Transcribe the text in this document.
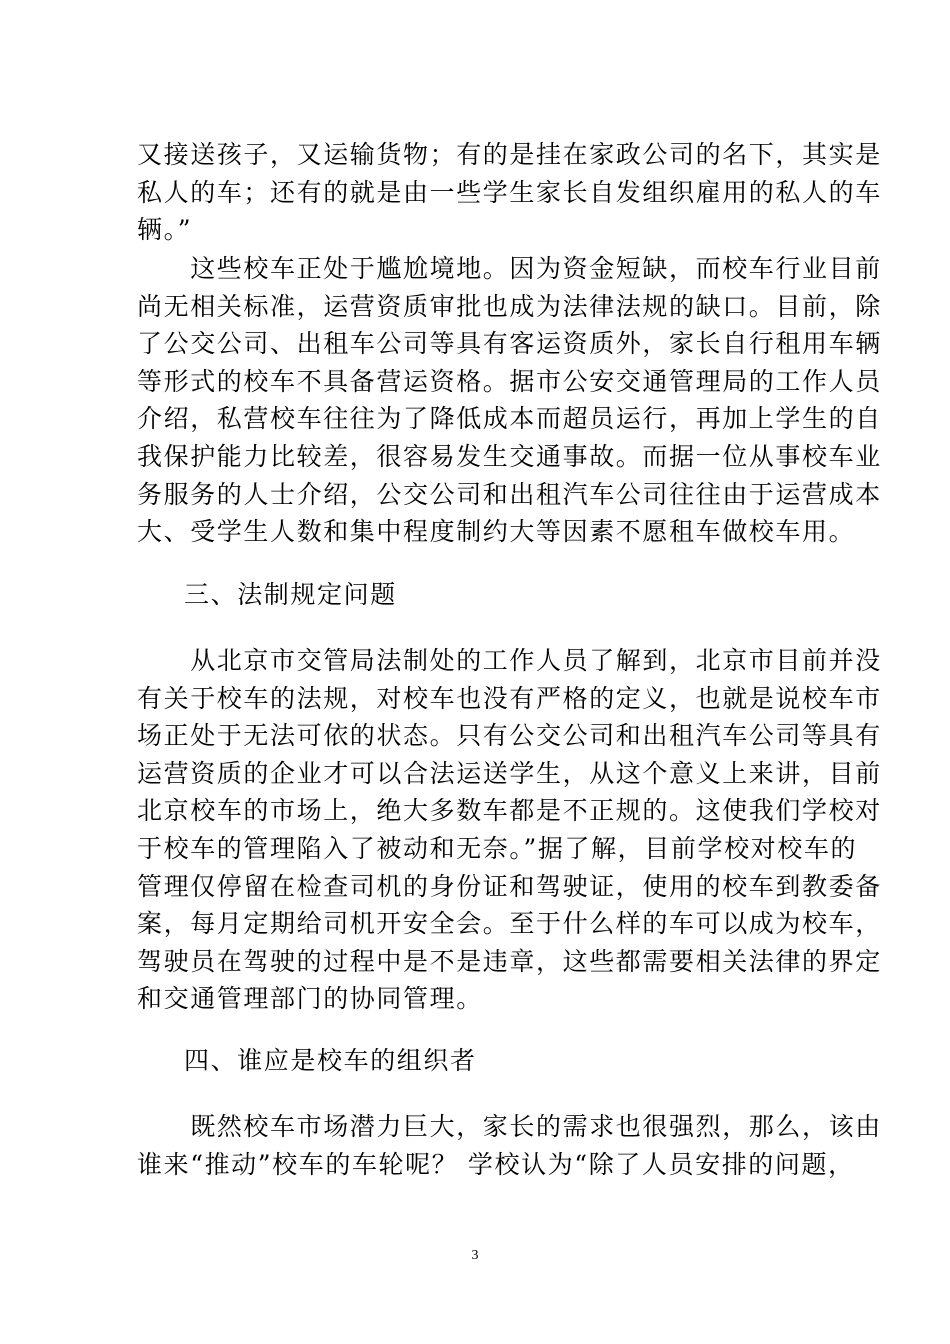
又接送孩子，又运输货物；有的是挂在家政公司的名下，其实是
私人的车；还有的就是由一些学生家长自发组织雇用的私人的车
辆。”
　　这些校车正处于尴尬境地。因为资金短缺，而校车行业目前
尚无相关标准，运营资质审批也成为法律法规的缺口。目前，除
了公交公司、出租车公司等具有客运资质外，家长自行租用车辆
等形式的校车不具备营运资格。据市公安交通管理局的工作人员
介绍，私营校车往往为了降低成本而超员运行，再加上学生的自
我保护能力比较差，很容易发生交通事故。而据一位从事校车业
务服务的人士介绍，公交公司和出租汽车公司往往由于运营成本
大、受学生人数和集中程度制约大等因素不愿租车做校车用。
三、法制规定问题
　　从北京市交管局法制处的工作人员了解到，北京市目前并没
有关于校车的法规，对校车也没有严格的定义，也就是说校车市
场正处于无法可依的状态。只有公交公司和出租汽车公司等具有
运营资质的企业才可以合法运送学生，从这个意义上来讲，目前
北京校车的市场上，绝大多数车都是不正规的。这使我们学校对
于校车的管理陷入了被动和无奈。”据了解，目前学校对校车的
管理仅停留在检查司机的身份证和驾驶证，使用的校车到教委备
案，每月定期给司机开安全会。至于什么样的车可以成为校车，
驾驶员在驾驶的过程中是不是违章，这些都需要相关法律的界定
和交通管理部门的协同管理。
四、谁应是校车的组织者
　　既然校车市场潜力巨大，家长的需求也很强烈，那么，该由
谁来“推动”校车的车轮呢？ 学校认为“除了人员安排的问题，
3
